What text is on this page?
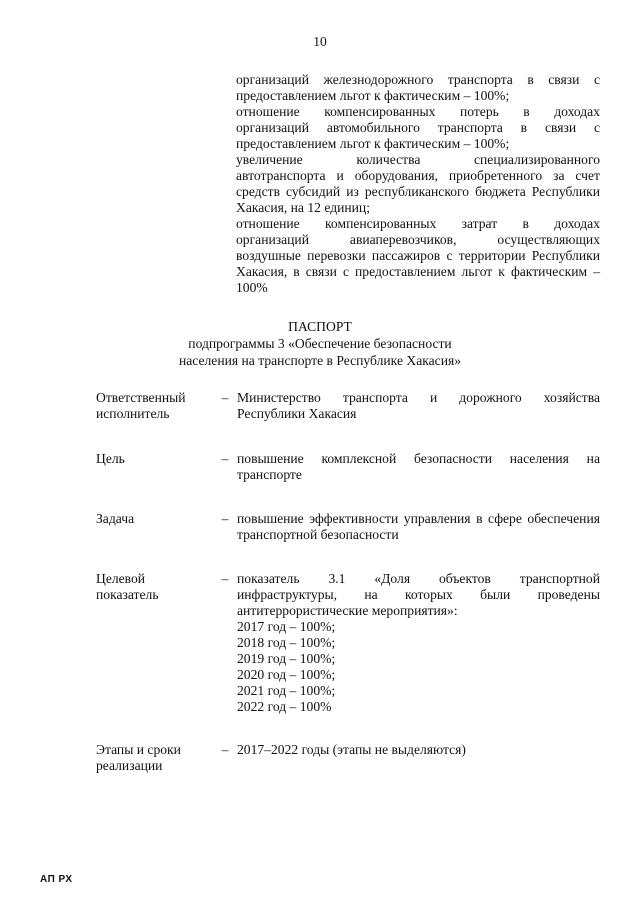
10
организаций железнодорожного транспорта в связи с
предоставлением льгот к фактическим – 100%;
отношение компенсированных потерь в доходах
организаций автомобильного транспорта в связи с
предоставлением льгот к фактическим – 100%;
увеличение количества специализированного
автотранспорта и оборудования, приобретенного за счет
средств субсидий из республиканского бюджета Республики
Хакасия, на 12 единиц;
отношение компенсированных затрат в доходах
организаций авиаперевозчиков, осуществляющих
воздушные перевозки пассажиров с территории Республики
Хакасия, в связи с предоставлением льгот к фактическим –
100%
ПАСПОРТ
подпрограммы 3 «Обеспечение безопасности
населения на транспорте в Республике Хакасия»
Ответственный
исполнитель
– Министерство транспорта и дорожного хозяйства
Республики Хакасия
Цель	– повышение комплексной безопасности населения на
транспорте
Задача	– повышение эффективности управления в сфере обеспечения
транспортной безопасности
Целевой
показатель
– показатель 3.1 «Доля объектов транспортной
инфраструктуры, на которых были проведены
антитеррористические мероприятия»:
2017 год – 100%;
2018 год – 100%;
2019 год – 100%;
2020 год – 100%;
2021 год – 100%;
2022 год – 100%
Этапы и сроки
реализации
– 2017–2022 годы (этапы не выделяются)
АП РХ
